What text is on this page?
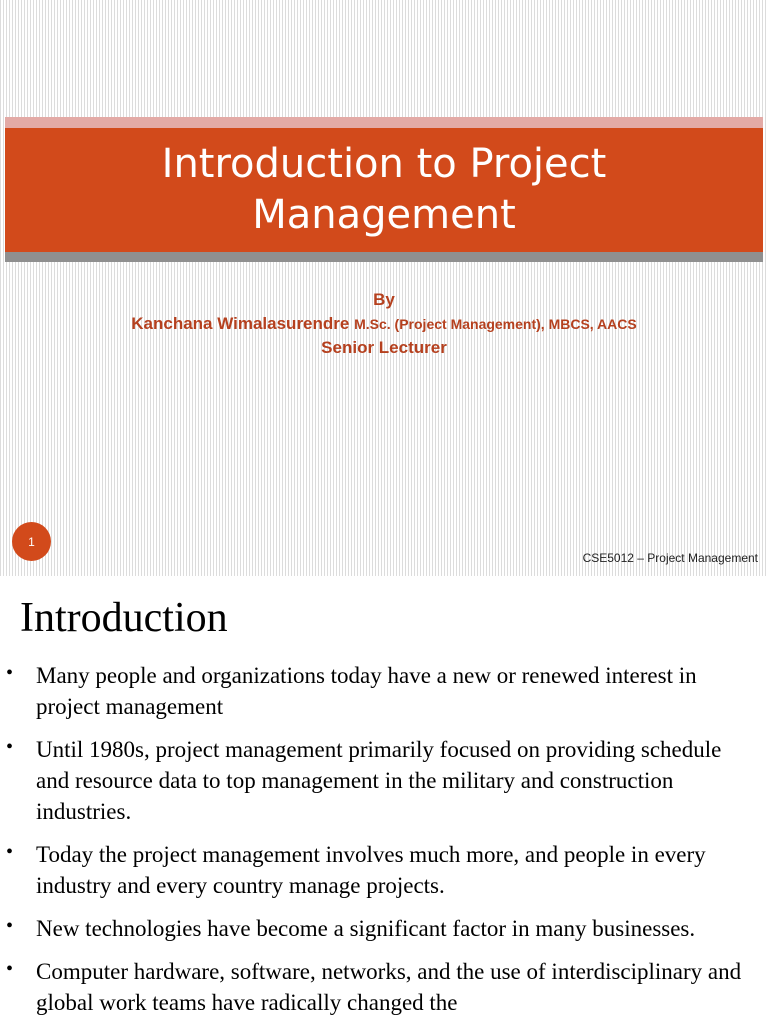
Introduction to Project Management
By
Kanchana Wimalasurendre M.Sc. (Project Management), MBCS, AACS
Senior Lecturer
1
CSE5012 – Project Management
Introduction
• Many people and organizations today have a new or renewed interest in project management
• Until 1980s, project management primarily focused on providing schedule and resource data to top management in the military and construction industries.
• Today the project management involves much more, and people in every industry and every country manage projects.
• New technologies have become a significant factor in many businesses.
• Computer hardware, software, networks, and the use of interdisciplinary and global work teams have radically changed the
